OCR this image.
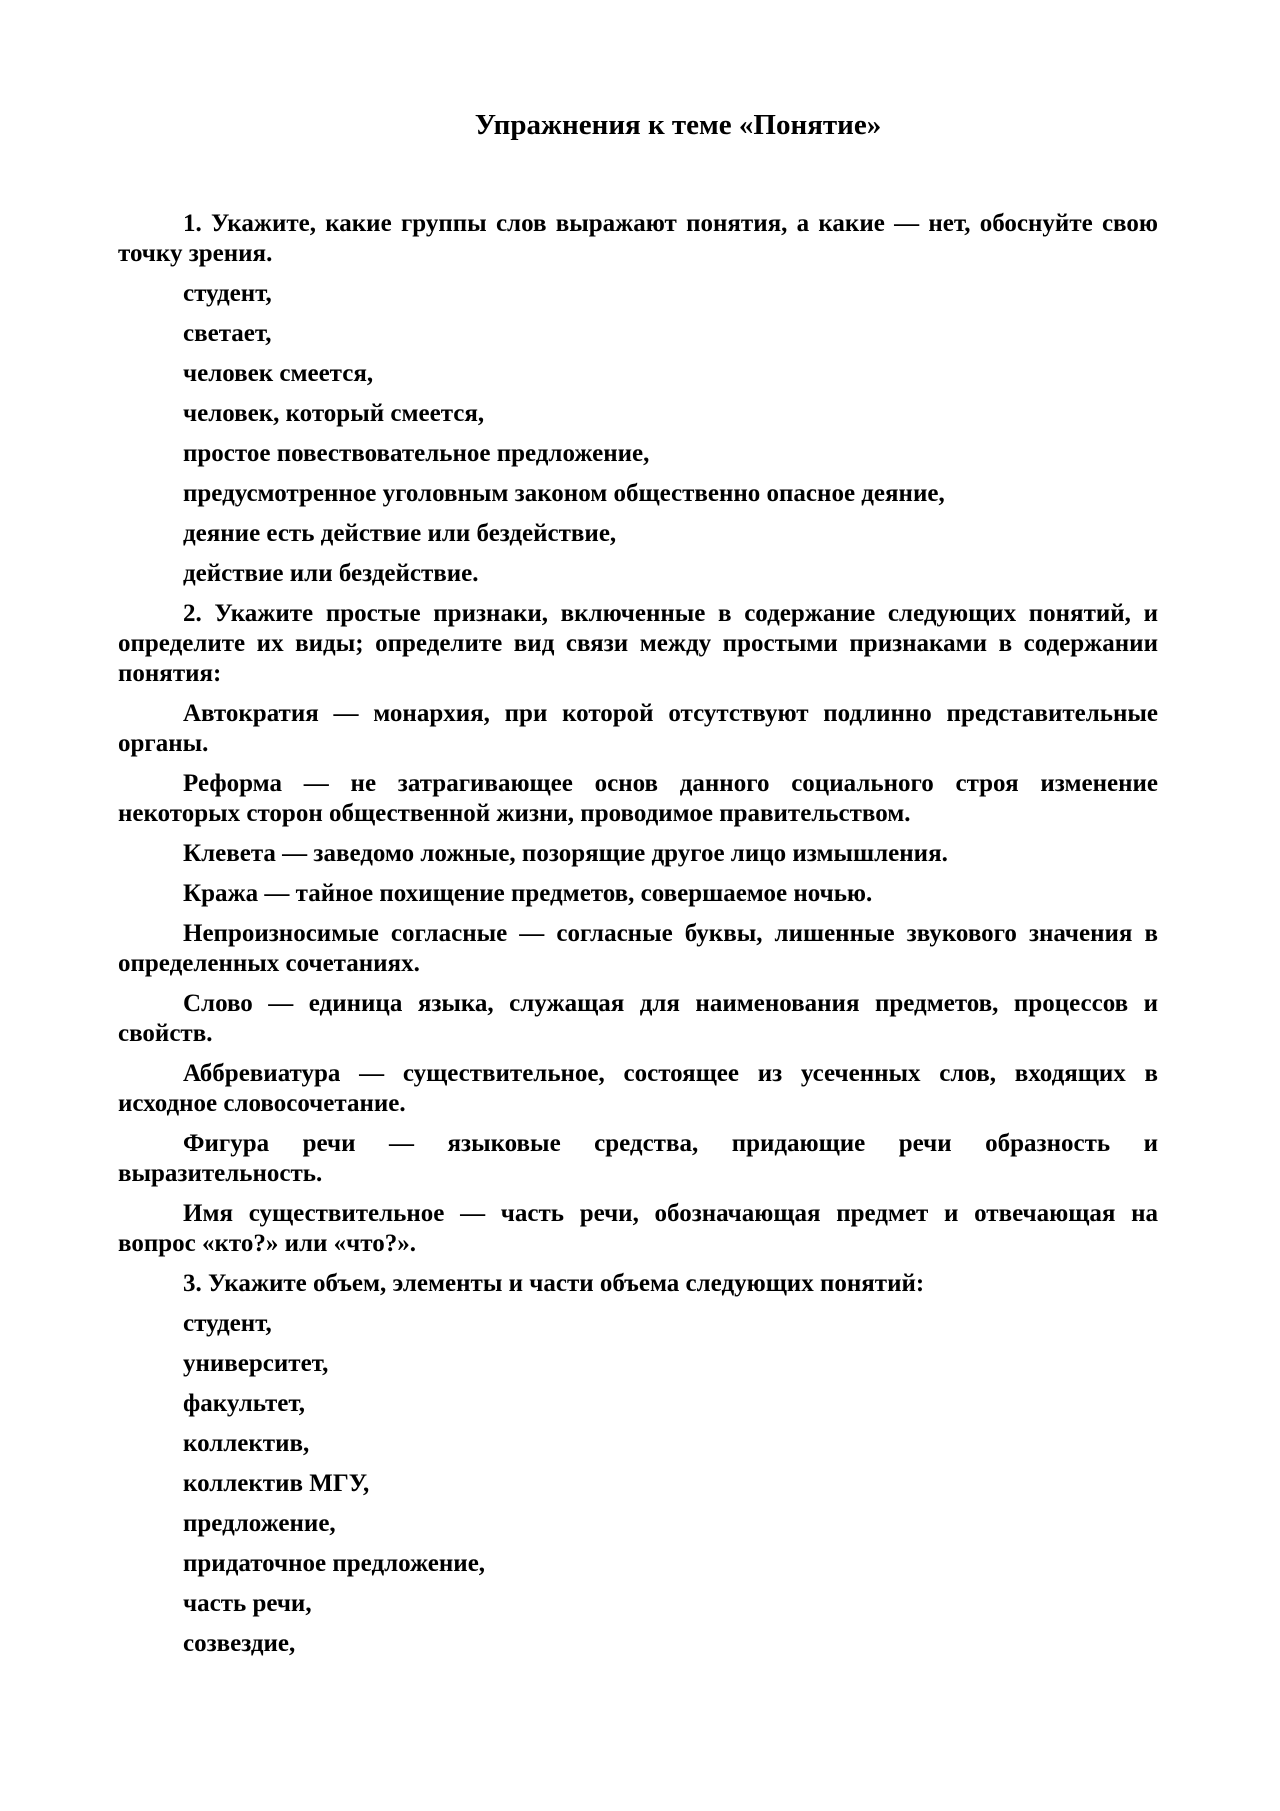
Упражнения к теме «Понятие»
1. Укажите, какие группы слов выражают понятия, а какие — нет, обоснуйте свою
точку зрения.
студент,
светает,
человек смеется,
человек, который смеется,
простое повествовательное предложение,
предусмотренное уголовным законом общественно опасное деяние,
деяние есть действие или бездействие,
действие или бездействие.
2. Укажите простые признаки, включенные в содержание следующих понятий, и
определите их виды; определите вид связи между простыми признаками в содержании
понятия:
Автократия — монархия, при которой отсутствуют подлинно представительные
органы.
Реформа — не затрагивающее основ данного социального строя изменение
некоторых сторон общественной жизни, проводимое правительством.
Клевета — заведомо ложные, позорящие другое лицо измышления.
Кража — тайное похищение предметов, совершаемое ночью.
Непроизносимые согласные — согласные буквы, лишенные звукового значения в
определенных сочетаниях.
Слово — единица языка, служащая для наименования предметов, процессов и
свойств.
Аббревиатура — существительное, состоящее из усеченных слов, входящих в
исходное словосочетание.
Фигура речи — языковые средства, придающие речи образность и
выразительность.
Имя существительное — часть речи, обозначающая предмет и отвечающая на
вопрос «кто?» или «что?».
3. Укажите объем, элементы и части объема следующих понятий:
студент,
университет,
факультет,
коллектив,
коллектив МГУ,
предложение,
придаточное предложение,
часть речи,
созвездие,
